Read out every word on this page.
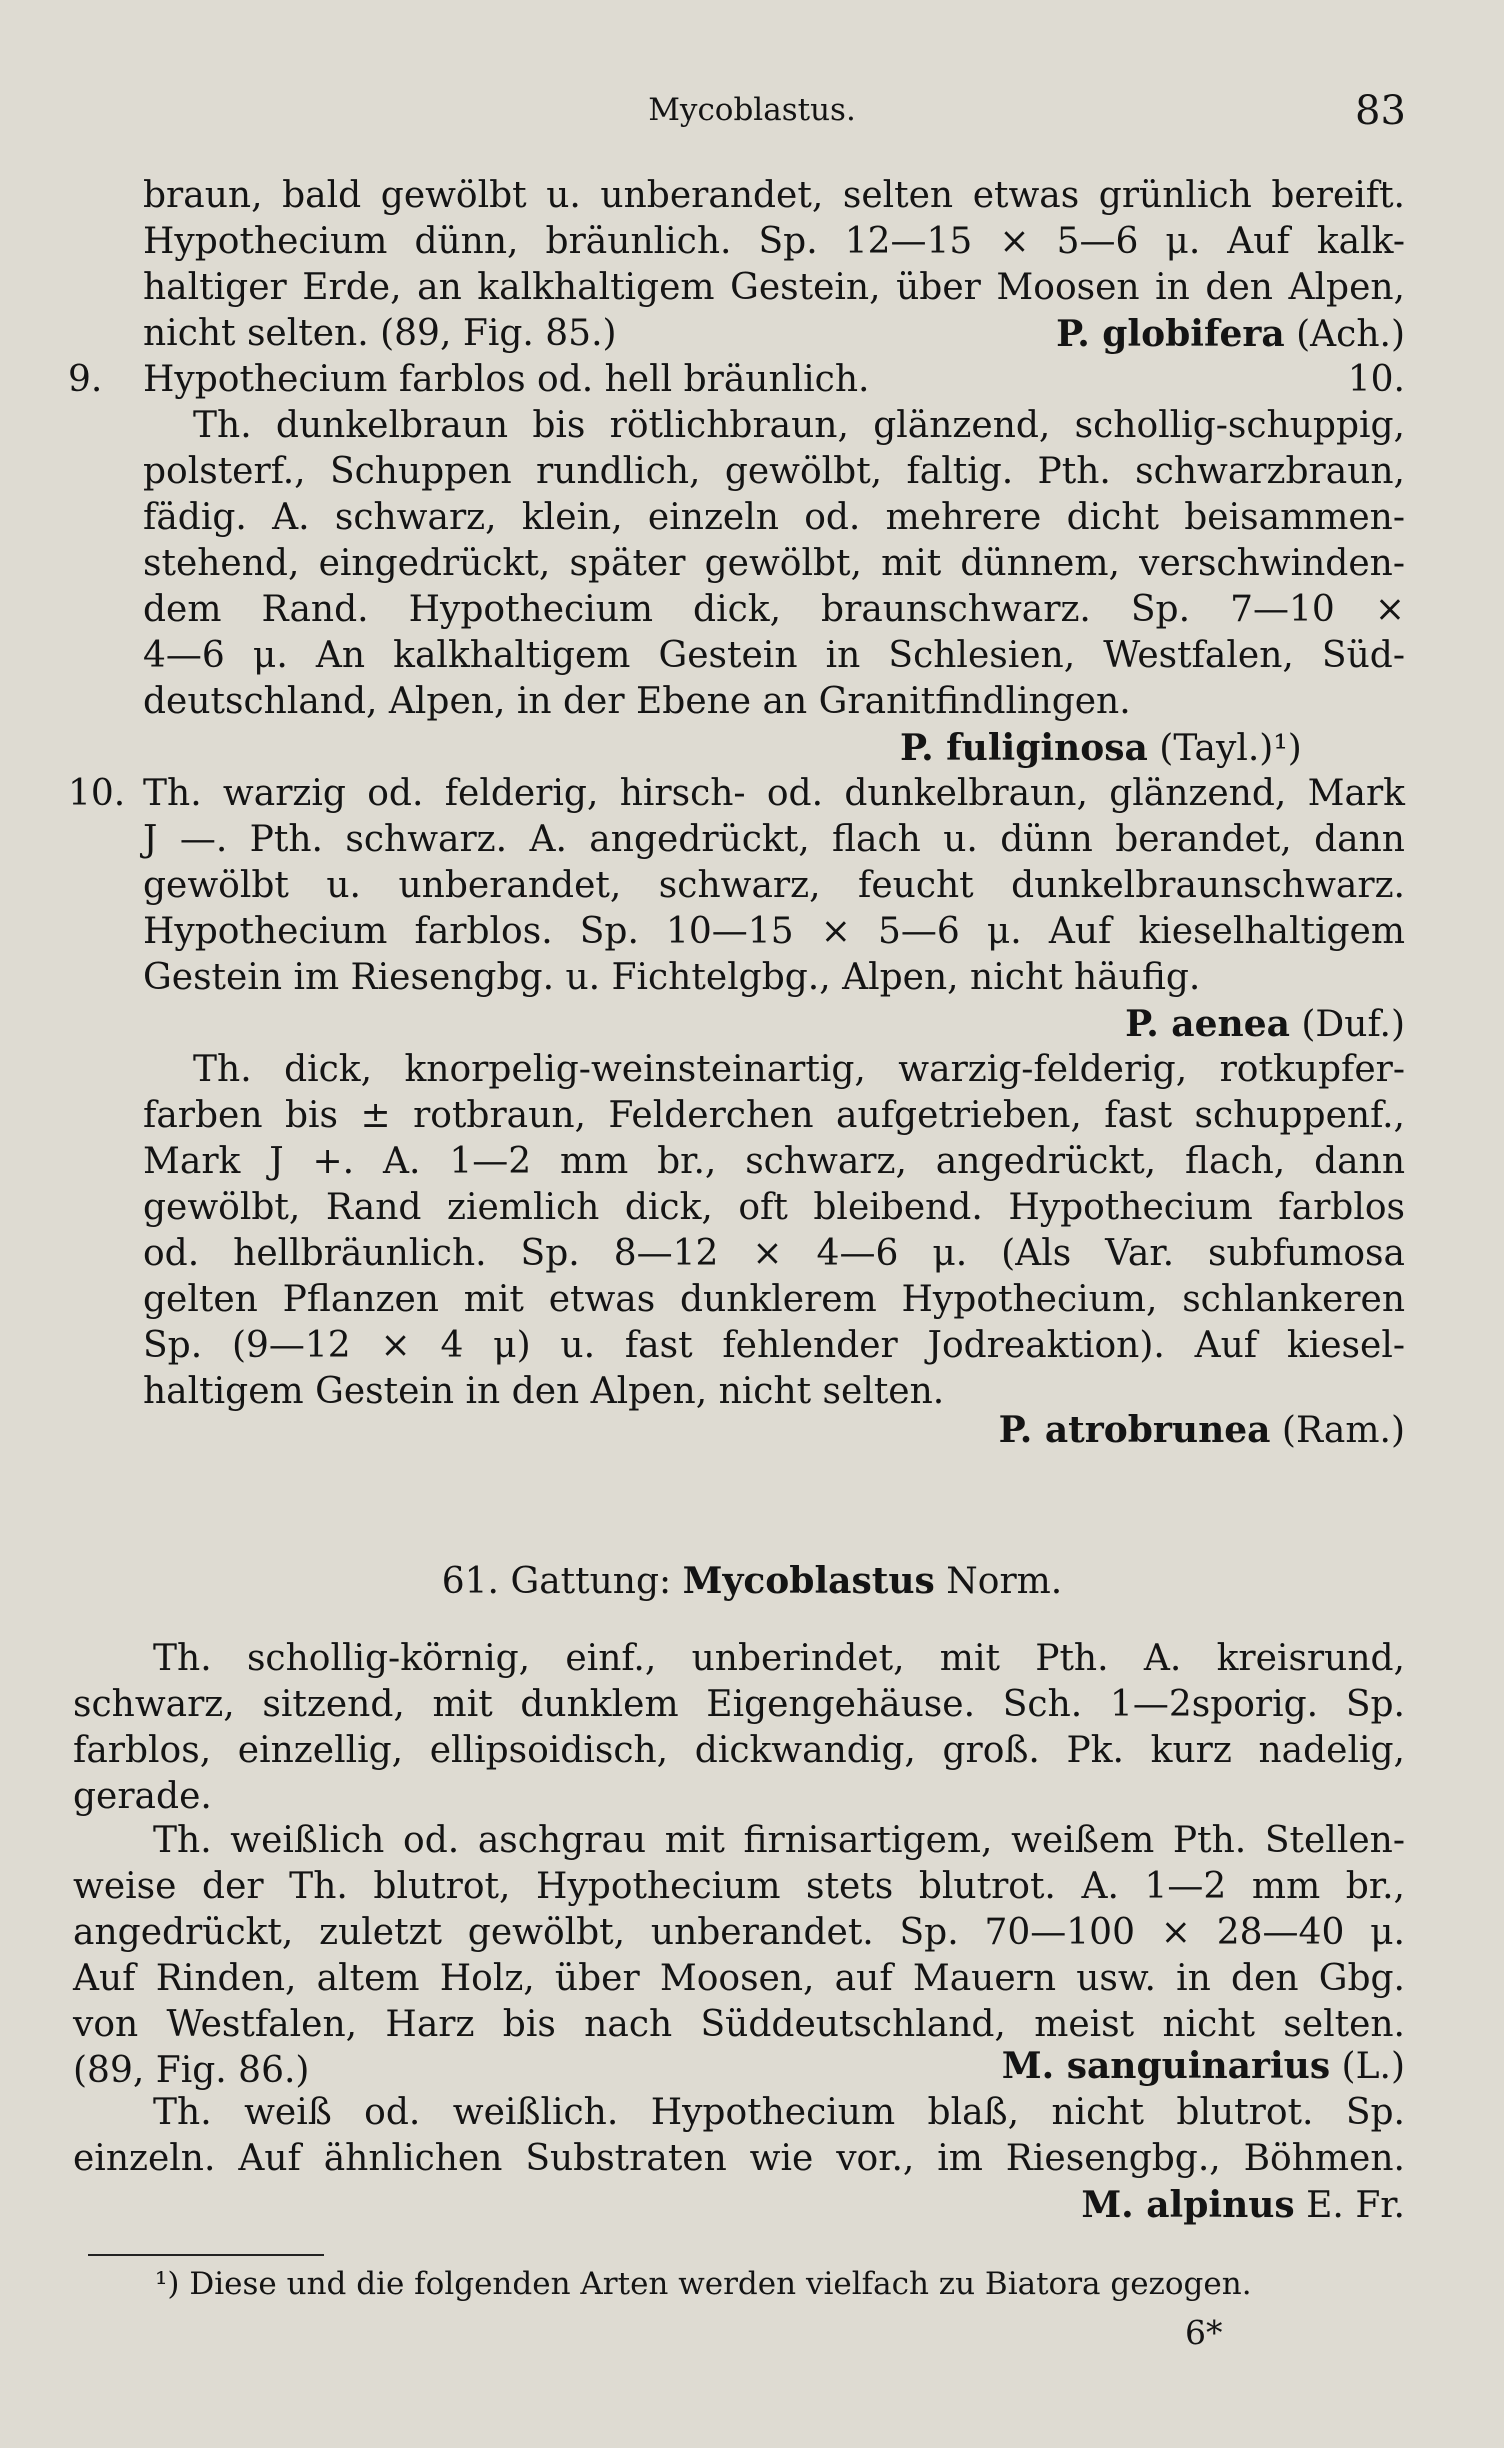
Mycoblastus.	83
braun, bald gewölbt u. unberandet, selten etwas grünlich bereift.
Hypothecium dünn, bräunlich. Sp. 12—15 × 5—6 μ. Auf kalk-
haltiger Erde, an kalkhaltigem Gestein, über Moosen in den Alpen,
nicht selten. (89, Fig. 85.)	P. globifera (Ach.)
9. Hypothecium farblos od. hell bräunlich.	10.
Th. dunkelbraun bis rötlichbraun, glänzend, schollig-schuppig,
polsterf., Schuppen rundlich, gewölbt, faltig. Pth. schwarzbraun,
fädig. A. schwarz, klein, einzeln od. mehrere dicht beisammen-
stehend, eingedrückt, später gewölbt, mit dünnem, verschwinden-
dem Rand. Hypothecium dick, braunschwarz. Sp. 7—10 ×
4—6 μ. An kalkhaltigem Gestein in Schlesien, Westfalen, Süd-
deutschland, Alpen, in der Ebene an Granitfindlingen.
P. fuliginosa (Tayl.)¹)
10. Th. warzig od. felderig, hirsch- od. dunkelbraun, glänzend, Mark
J —. Pth. schwarz. A. angedrückt, flach u. dünn berandet, dann
gewölbt u. unberandet, schwarz, feucht dunkelbraunschwarz.
Hypothecium farblos. Sp. 10—15 × 5—6 μ. Auf kieselhaltigem
Gestein im Riesengbg. u. Fichtelgbg., Alpen, nicht häufig.
P. aenea (Duf.)
Th. dick, knorpelig-weinsteinartig, warzig-felderig, rotkupfer-
farben bis ± rotbraun, Felderchen aufgetrieben, fast schuppenf.,
Mark J +. A. 1—2 mm br., schwarz, angedrückt, flach, dann
gewölbt, Rand ziemlich dick, oft bleibend. Hypothecium farblos
od. hellbräunlich. Sp. 8—12 × 4—6 μ. (Als Var. subfumosa
gelten Pflanzen mit etwas dunklerem Hypothecium, schlankeren
Sp. (9—12 × 4 μ) u. fast fehlender Jodreaktion). Auf kiesel-
haltigem Gestein in den Alpen, nicht selten.
P. atrobrunea (Ram.)
61. Gattung: Mycoblastus Norm.
Th. schollig-körnig, einf., unberindet, mit Pth. A. kreisrund,
schwarz, sitzend, mit dunklem Eigengehäuse. Sch. 1—2sporig. Sp.
farblos, einzellig, ellipsoidisch, dickwandig, groß. Pk. kurz nadelig,
gerade.
Th. weißlich od. aschgrau mit firnisartigem, weißem Pth. Stellen-
weise der Th. blutrot, Hypothecium stets blutrot. A. 1—2 mm br.,
angedrückt, zuletzt gewölbt, unberandet. Sp. 70—100 × 28—40 μ.
Auf Rinden, altem Holz, über Moosen, auf Mauern usw. in den Gbg.
von Westfalen, Harz bis nach Süddeutschland, meist nicht selten.
(89, Fig. 86.)	M. sanguinarius (L.)
Th. weiß od. weißlich. Hypothecium blaß, nicht blutrot. Sp.
einzeln. Auf ähnlichen Substraten wie vor., im Riesengbg., Böhmen.
M. alpinus E. Fr.
¹) Diese und die folgenden Arten werden vielfach zu Biatora gezogen.
6*
